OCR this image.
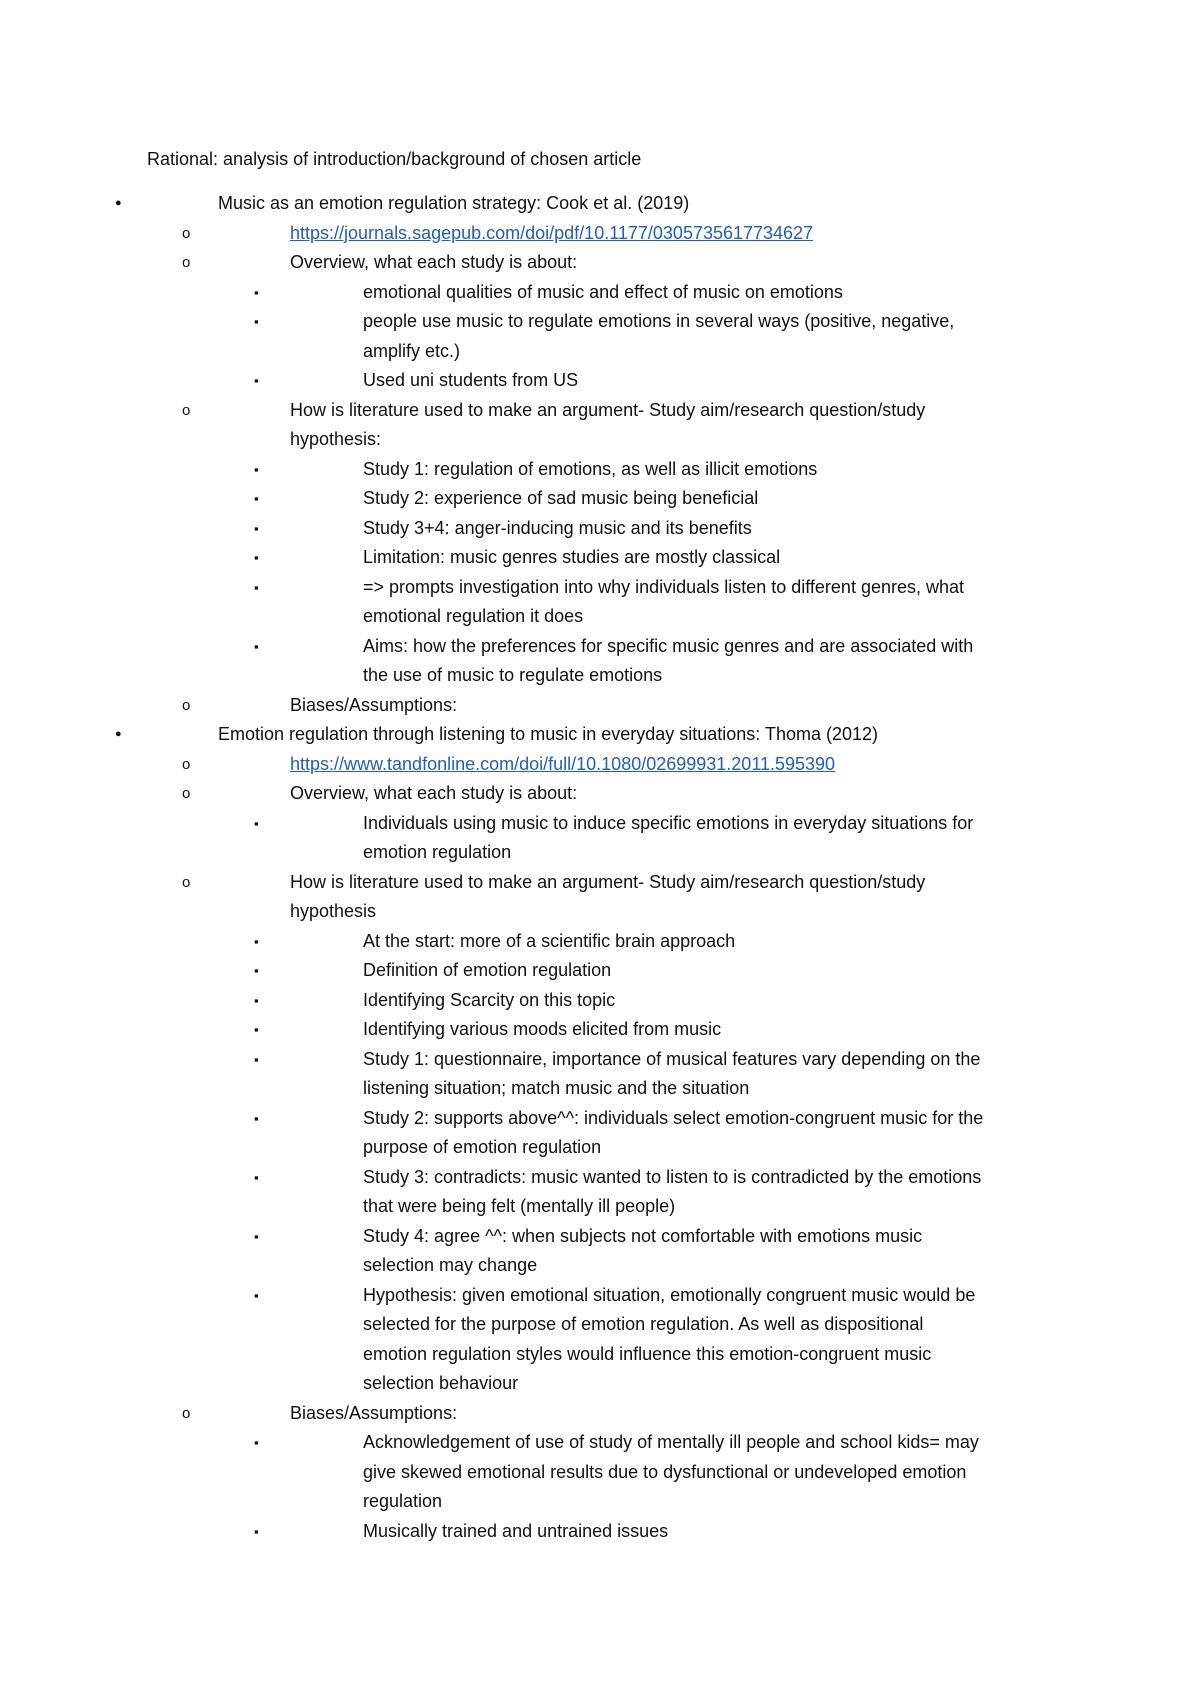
Rational: analysis of introduction/background of chosen article
● Music as an emotion regulation strategy: Cook et al. (2019)
o https://journals.sagepub.com/doi/pdf/10.1177/0305735617734627
o Overview, what each study is about:
▪ emotional qualities of music and effect of music on emotions
▪ people use music to regulate emotions in several ways (positive, negative, amplify etc.)
▪ Used uni students from US
o How is literature used to make an argument- Study aim/research question/study hypothesis:
▪ Study 1: regulation of emotions, as well as illicit emotions
▪ Study 2: experience of sad music being beneficial
▪ Study 3+4: anger-inducing music and its benefits
▪ Limitation: music genres studies are mostly classical
▪ => prompts investigation into why individuals listen to different genres, what emotional regulation it does
▪ Aims: how the preferences for specific music genres and are associated with the use of music to regulate emotions
o Biases/Assumptions:
● Emotion regulation through listening to music in everyday situations: Thoma (2012)
o https://www.tandfonline.com/doi/full/10.1080/02699931.2011.595390
o Overview, what each study is about:
▪ Individuals using music to induce specific emotions in everyday situations for emotion regulation
o How is literature used to make an argument- Study aim/research question/study hypothesis
▪ At the start: more of a scientific brain approach
▪ Definition of emotion regulation
▪ Identifying Scarcity on this topic
▪ Identifying various moods elicited from music
▪ Study 1: questionnaire, importance of musical features vary depending on the listening situation; match music and the situation
▪ Study 2: supports above^^: individuals select emotion-congruent music for the purpose of emotion regulation
▪ Study 3: contradicts: music wanted to listen to is contradicted by the emotions that were being felt (mentally ill people)
▪ Study 4: agree ^^: when subjects not comfortable with emotions music selection may change
▪ Hypothesis: given emotional situation, emotionally congruent music would be selected for the purpose of emotion regulation. As well as dispositional emotion regulation styles would influence this emotion-congruent music selection behaviour
o Biases/Assumptions:
▪ Acknowledgement of use of study of mentally ill people and school kids= may give skewed emotional results due to dysfunctional or undeveloped emotion regulation
▪ Musically trained and untrained issues
